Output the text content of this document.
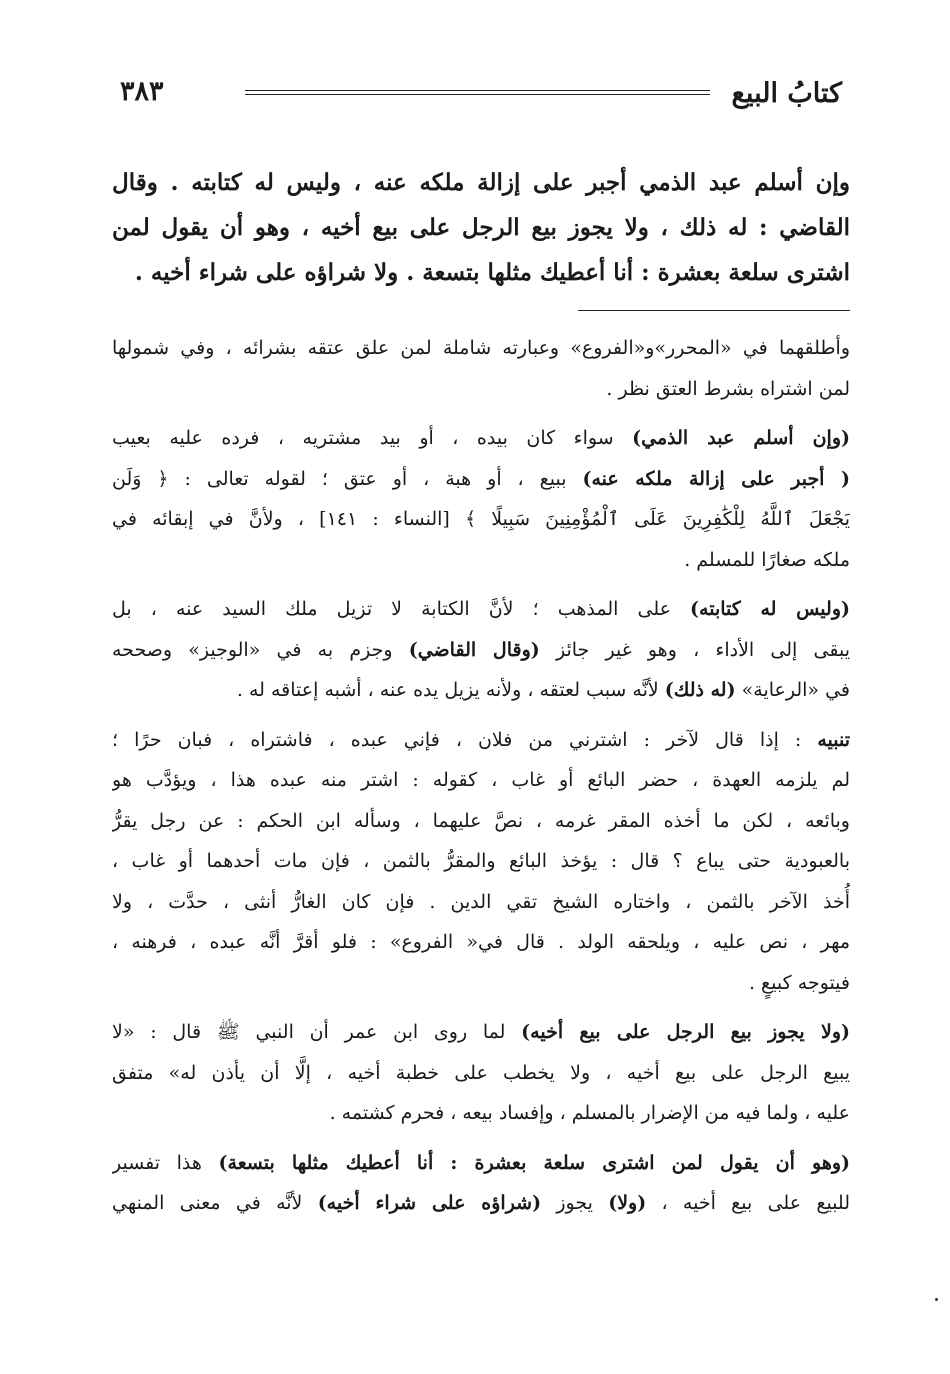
كتابُ البيع
٣٨٣
وإن أسلم عبد الذمي أجبر على إزالة ملكه عنه ، وليس له كتابته . وقال
القاضي : له ذلك ، ولا يجوز بيع الرجل على بيع أخيه ، وهو أن يقول لمن
اشترى سلعة بعشرة : أنا أعطيك مثلها بتسعة . ولا شراؤه على شراء أخيه .
وأطلقهما في «المحرر»و«الفروع» وعبارته شاملة لمن علق عتقه بشرائه ، وفي شمولها
لمن اشتراه بشرط العتق نظر .
(وإن أسلم عبد الذمي) سواء كان بيده ، أو بيد مشتريه ، فرده عليه بعيب
( أجبر على إزالة ملكه عنه) ببيع ، أو هبة ، أو عتق ؛ لقوله تعالى : ﴿ وَلَن
يَجْعَلَ ٱللَّهُ لِلْكَٰفِرِينَ عَلَى ٱلْمُؤْمِنِينَ سَبِيلًا ﴾ [النساء : ١٤١] ، ولأنَّ في إبقائه في
ملكه صغارًا للمسلم .
(وليس له كتابته) على المذهب ؛ لأنَّ الكتابة لا تزيل ملك السيد عنه ، بل
يبقى إلى الأداء ، وهو غير جائز (وقال القاضي) وجزم به في «الوجيز» وصححه
في «الرعاية» (له ذلك) لأنَّه سبب لعتقه ، ولأنه يزيل يده عنه ، أشبه إعتاقه له .
تنبيه : إذا قال لآخر : اشترني من فلان ، فإني عبده ، فاشتراه ، فبان حرًا ؛
لم يلزمه العهدة ، حضر البائع أو غاب ، كقوله : اشتر منه عبده هذا ، ويؤدَّب هو
وبائعه ، لكن ما أخذه المقر غرمه ، نصَّ عليهما ، وسأله ابن الحكم : عن رجل يقرُّ
بالعبودية حتى يباع ؟ قال : يؤخذ البائع والمقرُّ بالثمن ، فإن مات أحدهما أو غاب ،
أُخذ الآخر بالثمن ، واختاره الشيخ تقي الدين . فإن كان الغارُّ أنثى ، حدَّت ، ولا
مهر ، نص عليه ، ويلحقه الولد . قال في« الفروع» : فلو أقرَّ أنَّه عبده ، فرهنه ،
فيتوجه كبيعٍ .
(ولا يجوز بيع الرجل على بيع أخيه) لما روى ابن عمر أن النبي ﷺ قال : «لا
يبيع الرجل على بيع أخيه ، ولا يخطب على خطبة أخيه ، إلَّا أن يأذن له» متفق
عليه ، ولما فيه من الإضرار بالمسلم ، وإفساد بيعه ، فحرم كشتمه .
(وهو أن يقول لمن اشترى سلعة بعشرة : أنا أعطيك مثلها بتسعة) هذا تفسير
للبيع على بيع أخيه ، (ولا) يجوز (شراؤه على شراء أخيه) لأنَّه في معنى المنهي
